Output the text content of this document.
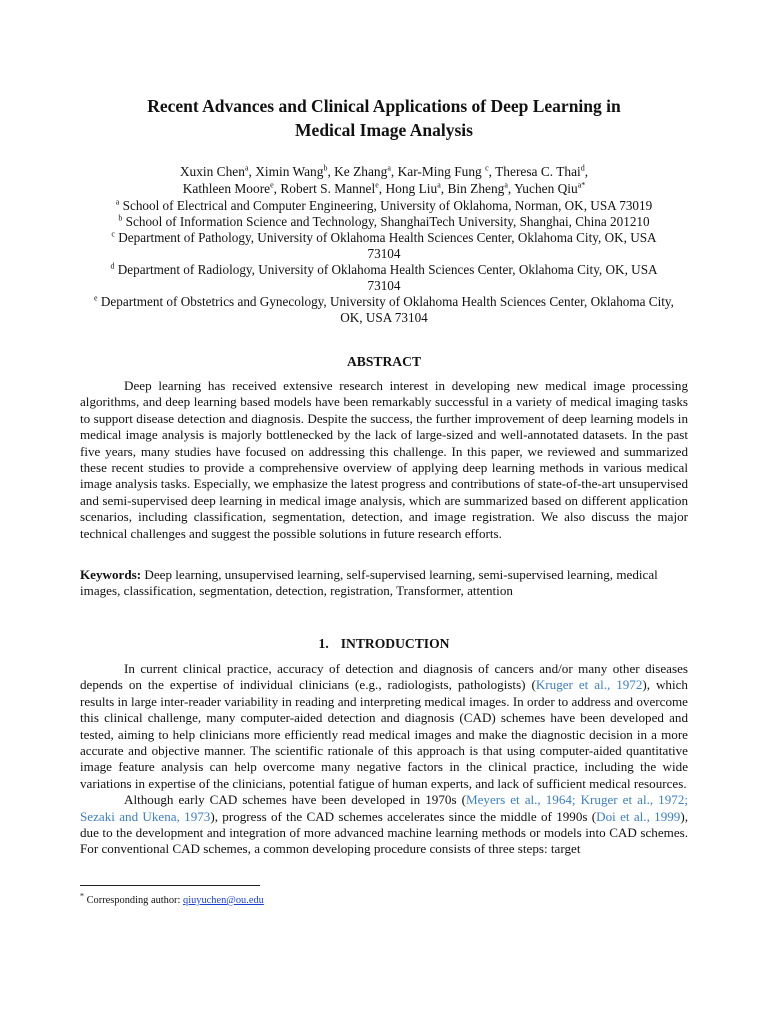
Recent Advances and Clinical Applications of Deep Learning in
Medical Image Analysis
Xuxin Chen$^a$, Ximin Wang$^b$, Ke Zhang$^a$, Kar-Ming Fung $^c$, Theresa C. Thai$^d$,
Kathleen Moore$^e$, Robert S. Mannel$^e$, Hong Liu$^a$, Bin Zheng$^a$, Yuchen Qiu$^{a*}$

$^a$ School of Electrical and Computer Engineering, University of Oklahoma, Norman, OK, USA 73019

$^b$ School of Information Science and Technology, ShanghaiTech University, Shanghai, China 201210

$^c$ Department of Pathology, University of Oklahoma Health Sciences Center, Oklahoma City, OK, USA
73104

$^d$ Department of Radiology, University of Oklahoma Health Sciences Center, Oklahoma City, OK, USA
73104

$^e$ Department of Obstetrics and Gynecology, University of Oklahoma Health Sciences Center, Oklahoma City,
OK, USA 73104

ABSTRACT

Deep learning has received extensive research interest in developing new medical image processing algorithms, and deep learning based models have been remarkably successful in a variety of medical imaging tasks to support disease detection and diagnosis. Despite the success, the further improvement of deep learning models in medical image analysis is majorly bottlenecked by the lack of large-sized and well-annotated datasets. In the past five years, many studies have focused on addressing this challenge. In this paper, we reviewed and summarized these recent studies to provide a comprehensive overview of applying deep learning methods in various medical image analysis tasks. Especially, we emphasize the latest progress and contributions of state-of-the-art unsupervised and semi-supervised deep learning in medical image analysis, which are summarized based on different application scenarios, including classification, segmentation, detection, and image registration. We also discuss the major technical challenges and suggest the possible solutions in future research efforts.

Keywords: Deep learning, unsupervised learning, self-supervised learning, semi-supervised learning, medical images, classification, segmentation, detection, registration, Transformer, attention

1. INTRODUCTION

In current clinical practice, accuracy of detection and diagnosis of cancers and/or many other diseases depends on the expertise of individual clinicians (e.g., radiologists, pathologists) (Kruger et al., 1972), which results in large inter-reader variability in reading and interpreting medical images. In order to address and overcome this clinical challenge, many computer-aided detection and diagnosis (CAD) schemes have been developed and tested, aiming to help clinicians more efficiently read medical images and make the diagnostic decision in a more accurate and objective manner. The scientific rationale of this approach is that using computer-aided quantitative image feature analysis can help overcome many negative factors in the clinical practice, including the wide variations in expertise of the clinicians, potential fatigue of human experts, and lack of sufficient medical resources.

Although early CAD schemes have been developed in 1970s (Meyers et al., 1964; Kruger et al., 1972; Sezaki and Ukena, 1973), progress of the CAD schemes accelerates since the middle of 1990s (Doi et al., 1999), due to the development and integration of more advanced machine learning methods or models into CAD schemes. For conventional CAD schemes, a common developing procedure consists of three steps: target

* Corresponding author: qiuyuchen@ou.edu
